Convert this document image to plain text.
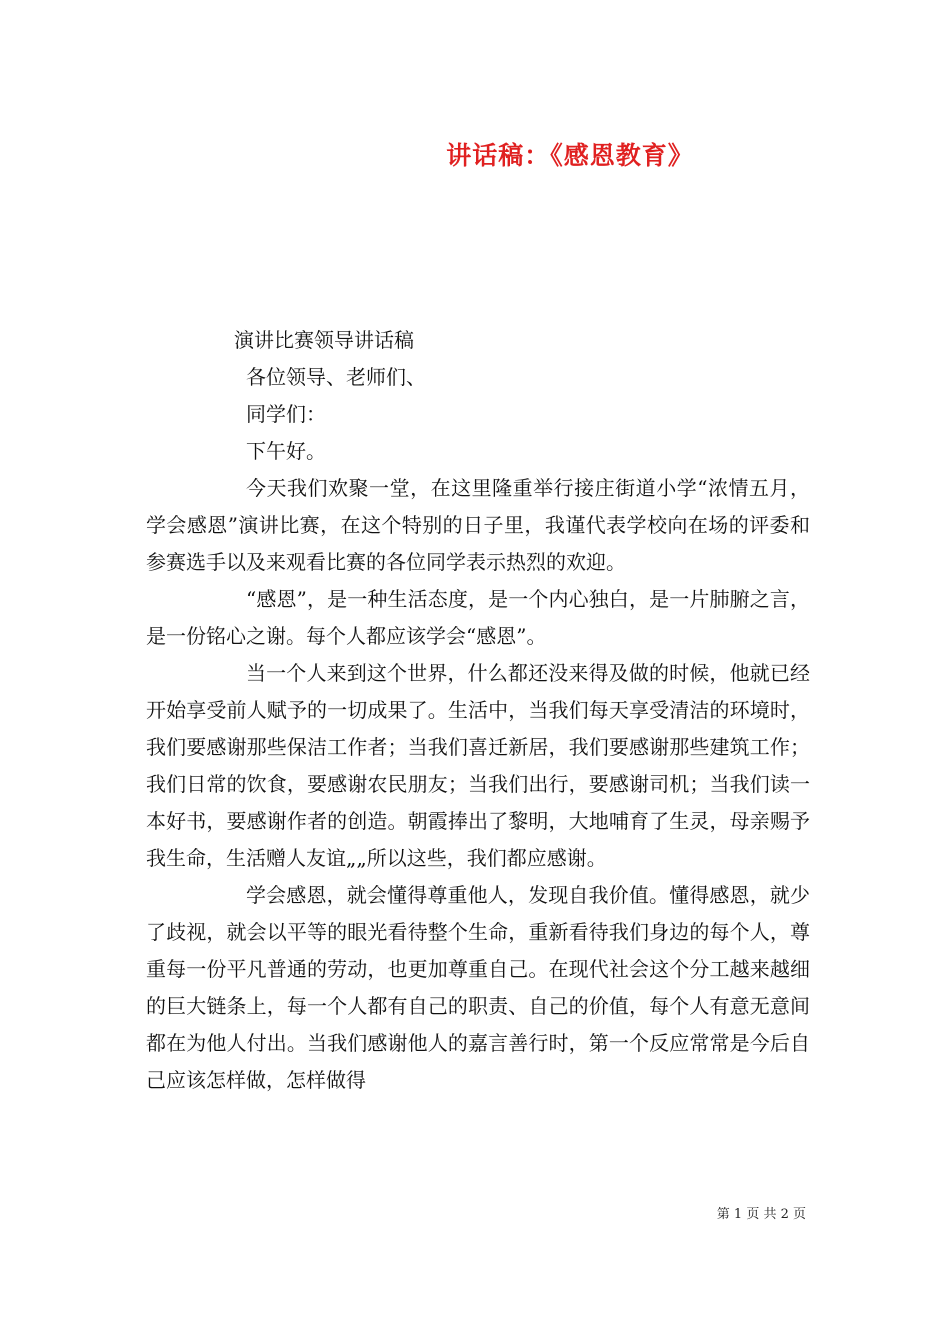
讲话稿：《感恩教育》
演讲比赛领导讲话稿
各位领导、老师们、
同学们：
下午好。

今天我们欢聚一堂，在这里隆重举行接庄街道小学“浓情五月，学会感恩”演讲比赛，在这个特别的日子里，我谨代表学校向在场的评委和参赛选手以及来观看比赛的各位同学表示热烈的欢迎。

“感恩”，是一种生活态度，是一个内心独白，是一片肺腑之言，是一份铭心之谢。每个人都应该学会“感恩”。

当一个人来到这个世界，什么都还没来得及做的时候，他就已经开始享受前人赋予的一切成果了。生活中，当我们每天享受清洁的环境时，我们要感谢那些保洁工作者；当我们喜迁新居，我们要感谢那些建筑工作；我们日常的饮食，要感谢农民朋友；当我们出行，要感谢司机；当我们读一本好书，要感谢作者的创造。朝霞捧出了黎明，大地哺育了生灵，母亲赐予我生命，生活赠人友谊„„所以这些，我们都应感谢。

学会感恩，就会懂得尊重他人，发现自我价值。懂得感恩，就少了歧视，就会以平等的眼光看待整个生命，重新看待我们身边的每个人，尊重每一份平凡普通的劳动，也更加尊重自己。在现代社会这个分工越来越细的巨大链条上，每一个人都有自己的职责、自己的价值，每个人有意无意间都在为他人付出。当我们感谢他人的嘉言善行时，第一个反应常常是今后自己应该怎样做，怎样做得

第 1 页 共 2 页
